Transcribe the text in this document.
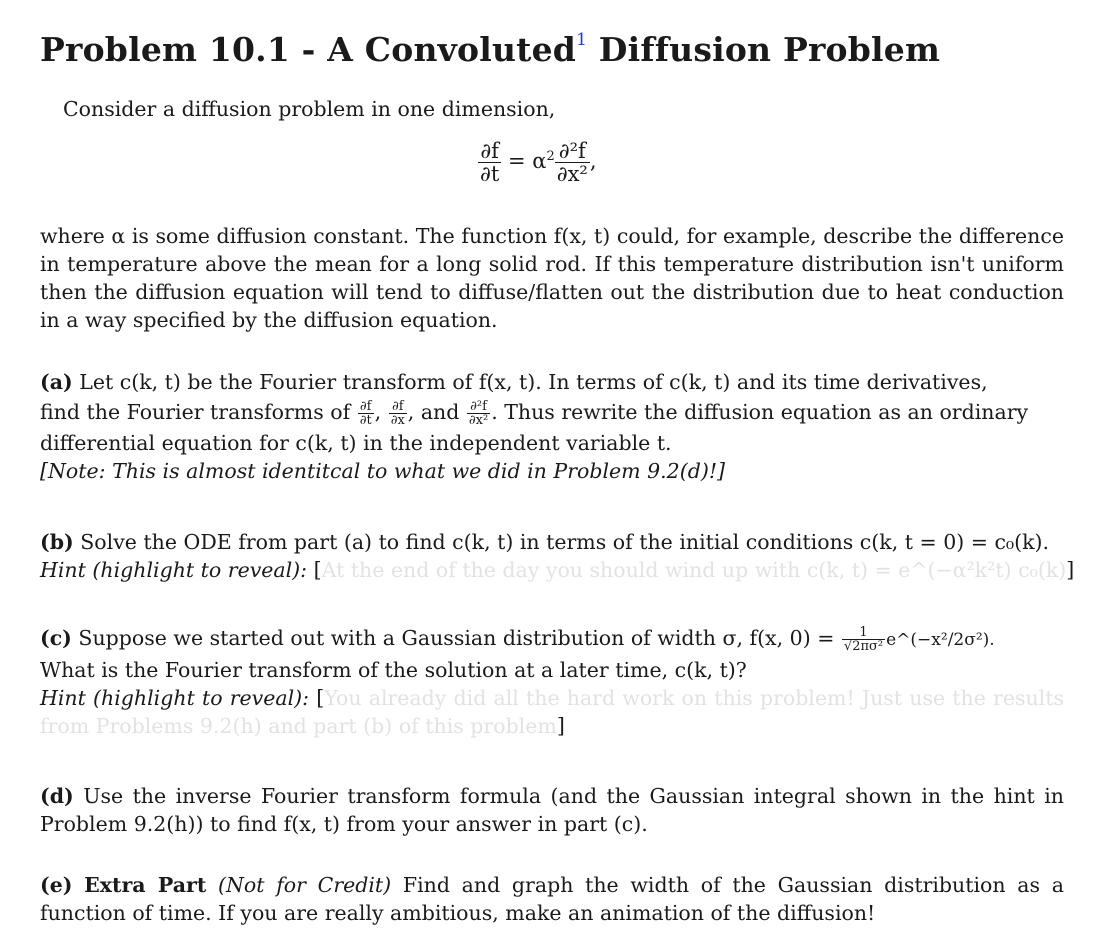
Problem 10.1 - A Convoluted$^1$ Diffusion Problem
Consider a diffusion problem in one dimension,
$\frac{\partial f}{\partial t} = \alpha^2 \frac{\text{∂²f}}{\text{∂x²}}$ ,
where α is some diffusion constant. The function f(x, t) could, for example, describe the difference in temperature above the mean for a long solid rod. If this temperature distribution isn't uniform then the diffusion equation will tend to diffuse/flatten out the distribution due to heat conduction in a way specified by the diffusion equation.
(a) Let c(k, t) be the Fourier transform of f(x, t). In terms of c(k, t) and its time derivatives,
find the Fourier transforms of $\frac{\partial f}{\partial t}$ , $\frac{\partial f}{\partial x}$ , and $\frac{\text{∂²f}}{\text{∂x²}}$ . Thus rewrite the diffusion equation as an ordinary
differential equation for c(k, t) in the independent variable t.
[Note: This is almost identitcal to what we did in Problem 9.2(d)!]
(b) Solve the ODE from part (a) to find c(k, t) in terms of the initial conditions c(k, t = 0) = c₀(k).
Hint (highlight to reveal): [At the end of the day you should wind up with c(k, t) = e^(−α²k²t) c₀(k)]
(c) Suppose we started out with a Gaussian distribution of width σ, f(x, $0) = \frac{1}{\text{√2πσ²}}$ e^(−x²/2σ²).
What is the Fourier transform of the solution at a later time, c(k, t)?
Hint (highlight to reveal): [You already did all the hard work on this problem! Just use the results from Problems 9.2(h) and part (b) of this problem]
(d) Use the inverse Fourier transform formula (and the Gaussian integral shown in the hint in Problem 9.2(h)) to find f(x, t) from your answer in part (c).
(e) Extra Part (Not for Credit) Find and graph the width of the Gaussian distribution as a function of time. If you are really ambitious, make an animation of the diffusion!
